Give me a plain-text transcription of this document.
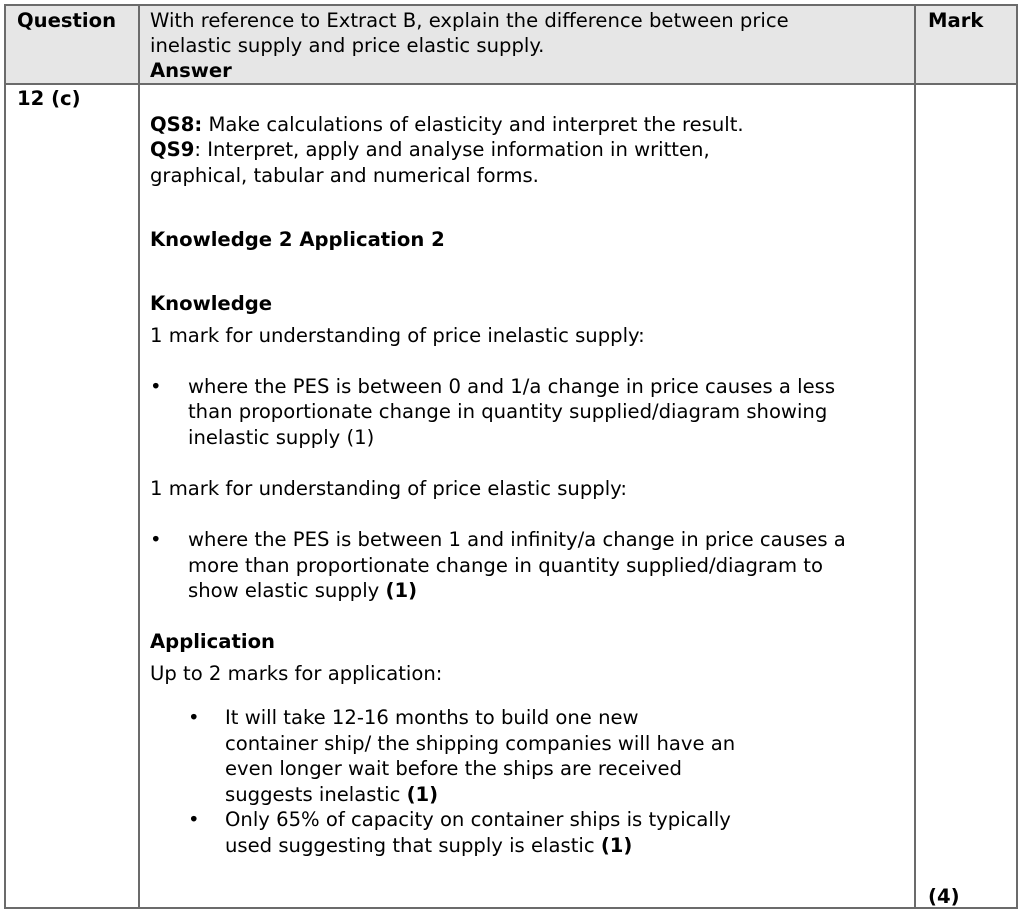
Question With reference to Extract B, explain the difference between price
inelastic supply and price elastic supply.
Answer
Mark
12 (c)
QS8: Make calculations of elasticity and interpret the result.
QS9: Interpret, apply and analyse information in written,
graphical, tabular and numerical forms.
Knowledge 2 Application 2
Knowledge
1 mark for understanding of price inelastic supply:
• where the PES is between 0 and 1/a change in price causes a less
than proportionate change in quantity supplied/diagram showing
inelastic supply (1)
1 mark for understanding of price elastic supply:
• where the PES is between 1 and infinity/a change in price causes a
more than proportionate change in quantity supplied/diagram to
show elastic supply (1)
Application
Up to 2 marks for application:
• It will take 12-16 months to build one new
container ship/ the shipping companies will have an
even longer wait before the ships are received
suggests inelastic (1)
• Only 65% of capacity on container ships is typically
used suggesting that supply is elastic (1)
(4)
